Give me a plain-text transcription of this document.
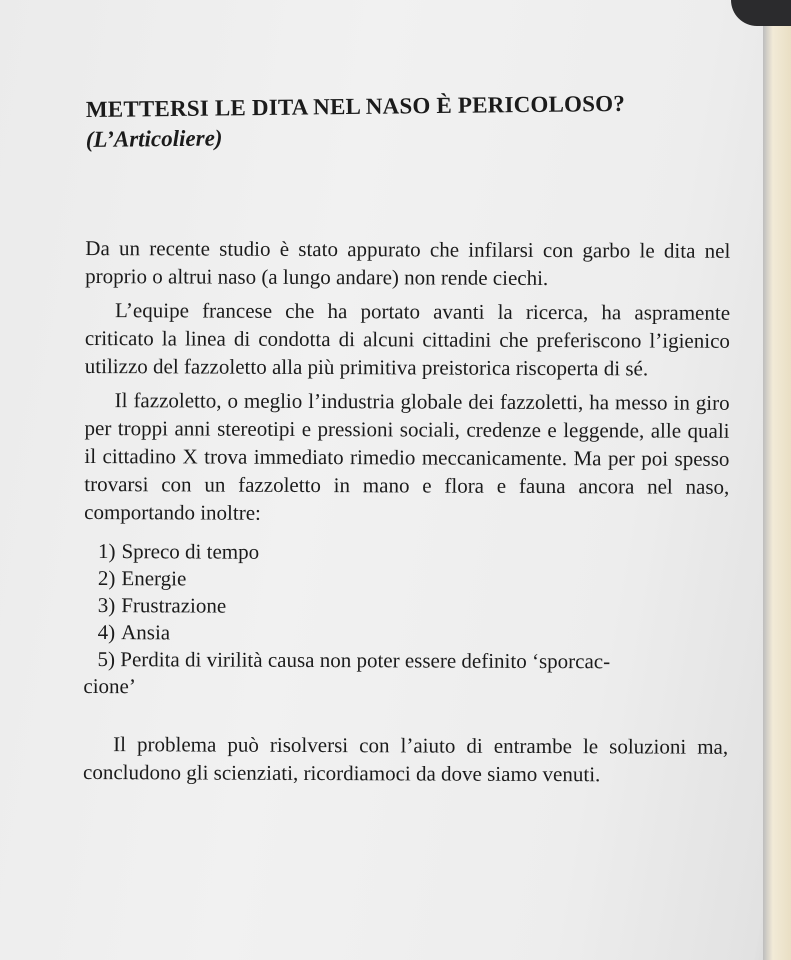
METTERSI LE DITA NEL NASO È PERICOLOSO?
(L’Articoliere)

Da un recente studio è stato appurato che infilarsi con garbo le dita nel proprio o altrui naso (a lungo andare) non rende ciechi.

L’equipe francese che ha portato avanti la ricerca, ha aspramente criticato la linea di condotta di alcuni cittadini che preferiscono l’igienico utilizzo del fazzoletto alla più primitiva preistorica riscoperta di sé.

Il fazzoletto, o meglio l’industria globale dei fazzoletti, ha messo in giro per troppi anni stereotipi e pressioni sociali, credenze e leggende, alle quali il cittadino X trova immediato rimedio meccanicamente. Ma per poi spesso trovarsi con un fazzoletto in mano e flora e fauna ancora nel naso, comportando inoltre:

1) Spreco di tempo
2) Energie
3) Frustrazione
4) Ansia
5) Perdita di virilità causa non poter essere definito ‘sporcac-
cione’

Il problema può risolversi con l’aiuto di entrambe le soluzioni ma, concludono gli scienziati, ricordiamoci da dove siamo venuti.
